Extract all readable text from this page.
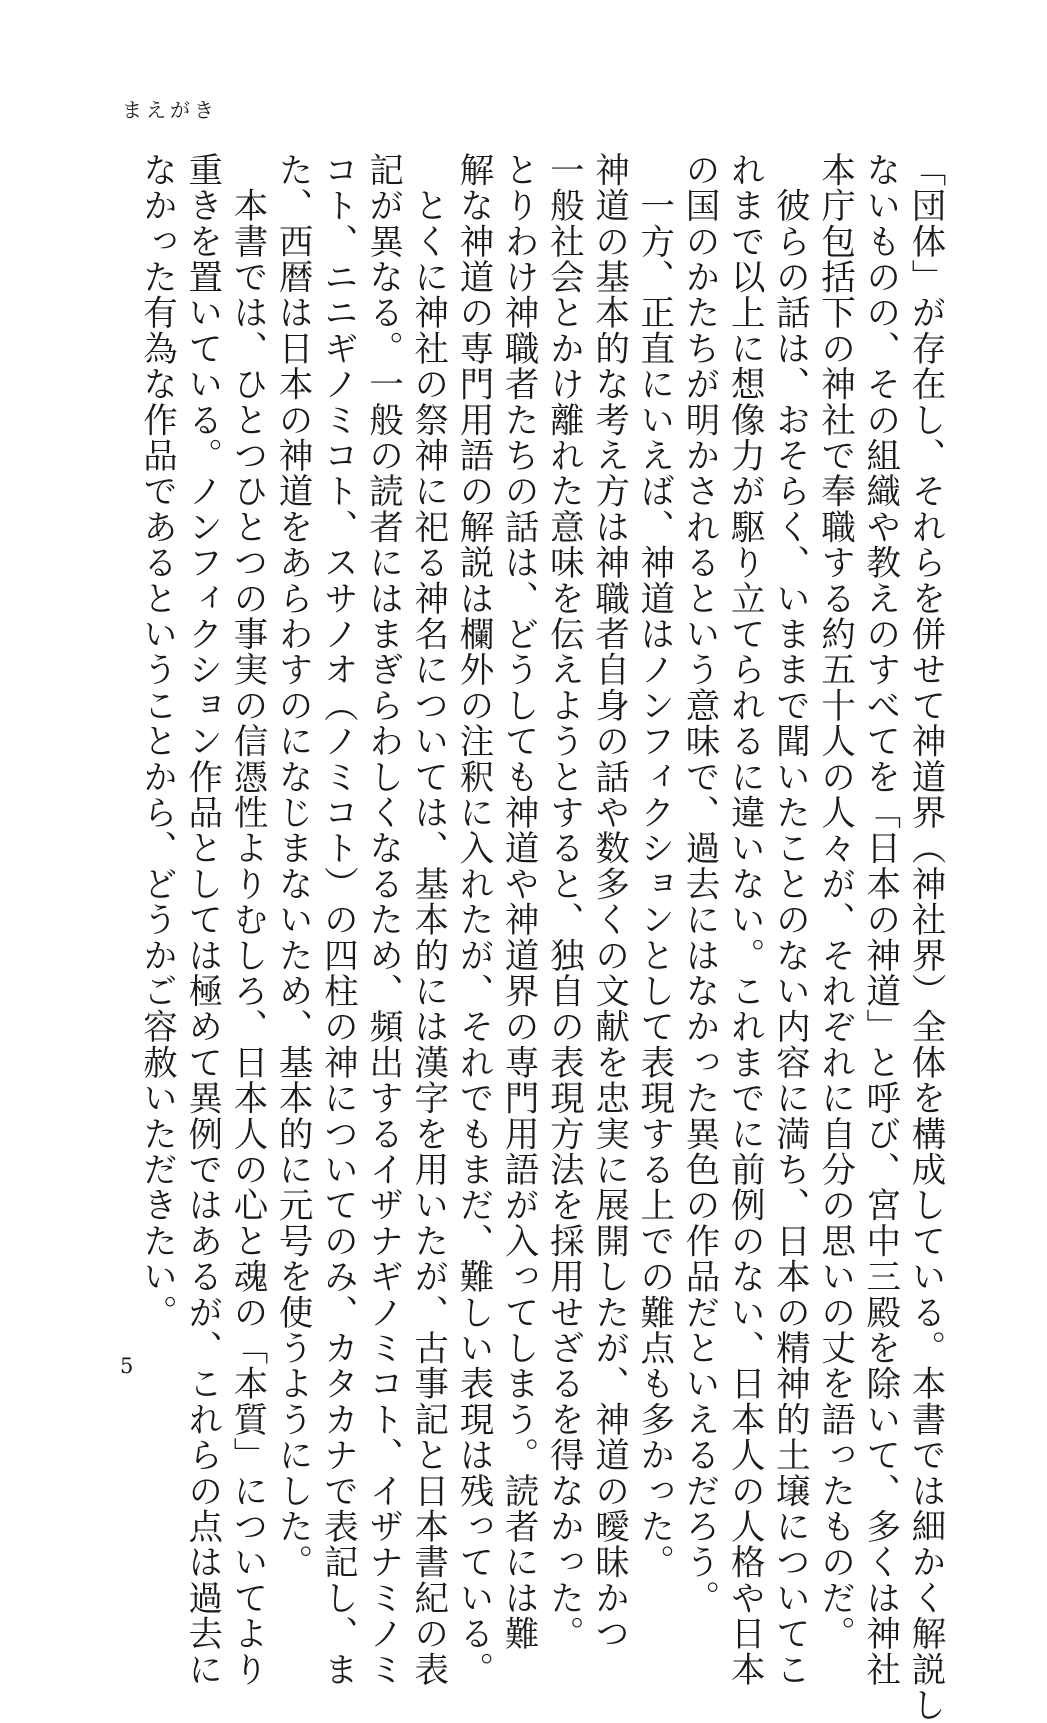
まえがき
「団体」が存在し、それらを併せて神道界（神社界）全体を構成している。本書では細かく解説し
ないものの、その組織や教えのすべてを「日本の神道」と呼び、宮中三殿を除いて、多くは神社
本庁包括下の神社で奉職する約五十人の人々が、それぞれに自分の思いの丈を語ったものだ。
　彼らの話は、おそらく、いままで聞いたことのない内容に満ち、日本の精神的土壌についてこ
れまで以上に想像力が駆り立てられるに違いない。これまでに前例のない、日本人の人格や日本
の国のかたちが明かされるという意味で、過去にはなかった異色の作品だといえるだろう。
　一方、正直にいえば、神道はノンフィクションとして表現する上での難点も多かった。
神道の基本的な考え方は神職者自身の話や数多くの文献を忠実に展開したが、神道の曖昧かつ
一般社会とかけ離れた意味を伝えようとすると、独自の表現方法を採用せざるを得なかった。
とりわけ神職者たちの話は、どうしても神道や神道界の専門用語が入ってしまう。読者には難
解な神道の専門用語の解説は欄外の注釈に入れたが、それでもまだ、難しい表現は残っている。
　とくに神社の祭神に祀る神名については、基本的には漢字を用いたが、古事記と日本書紀の表
記が異なる。一般の読者にはまぎらわしくなるため、頻出するイザナギノミコト、イザナミノミ
コト、ニニギノミコト、スサノオ（ノミコト）の四柱の神についてのみ、カタカナで表記し、ま
た、西暦は日本の神道をあらわすのになじまないため、基本的に元号を使うようにした。
　本書では、ひとつひとつの事実の信憑性よりむしろ、日本人の心と魂の「本質」についてより
重きを置いている。ノンフィクション作品としては極めて異例ではあるが、これらの点は過去に
なかった有為な作品であるということから、どうかご容赦いただきたい。
5
